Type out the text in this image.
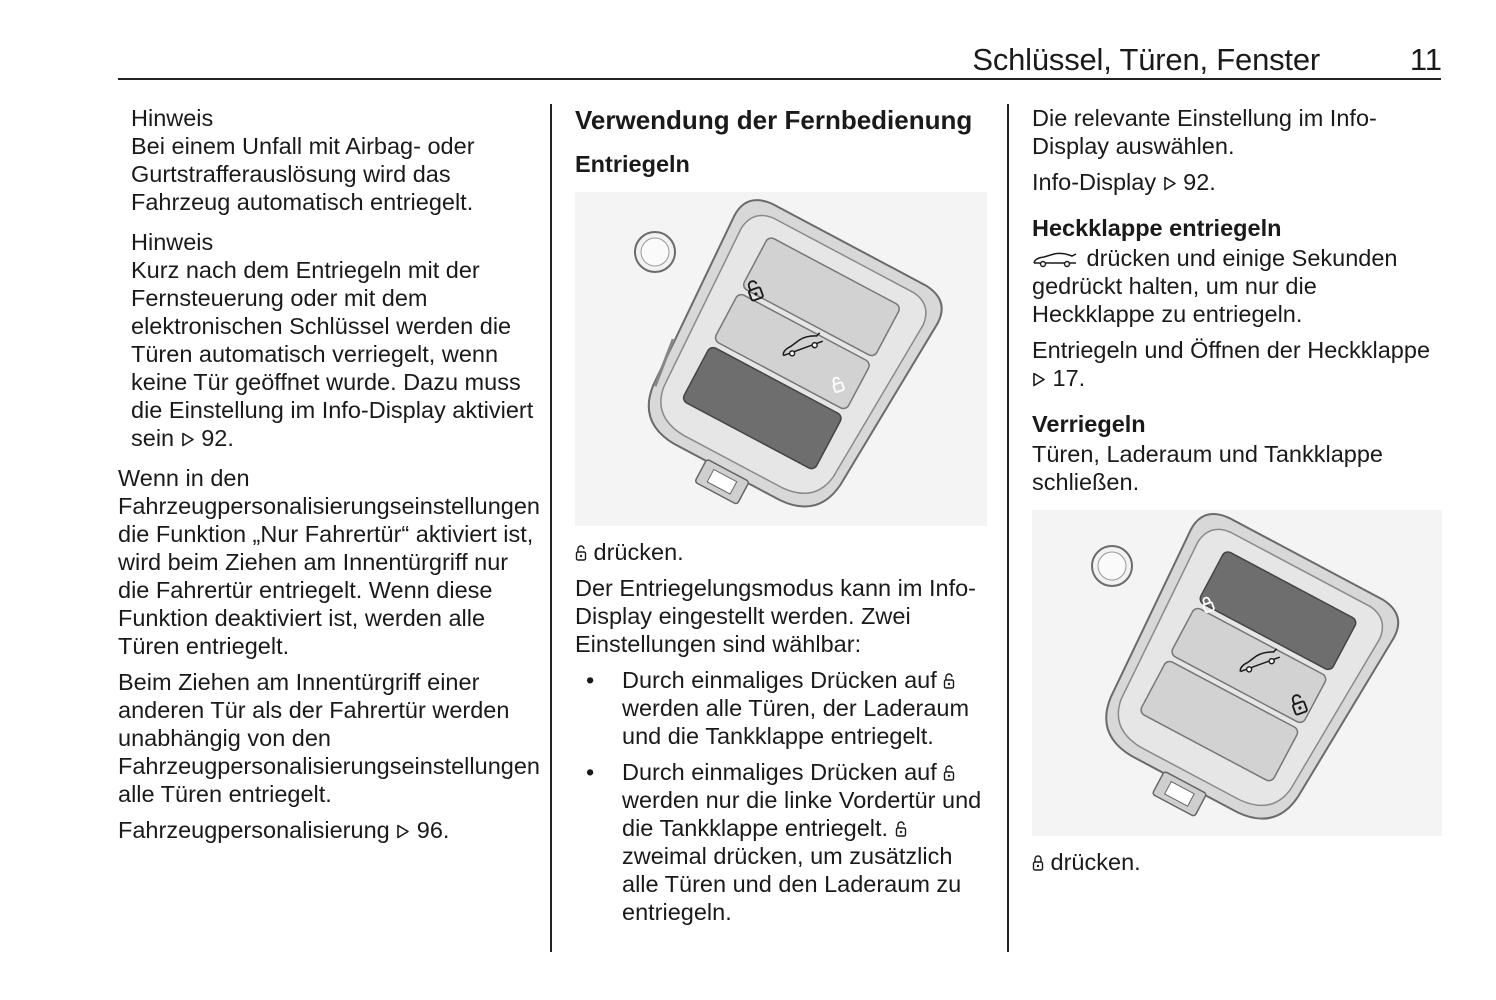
Schlüssel, Türen, Fenster	11
Hinweis
Bei einem Unfall mit Airbag- oder Gurtstrafferauslösung wird das Fahrzeug automatisch entriegelt.
Hinweis
Kurz nach dem Entriegeln mit der Fernsteuerung oder mit dem elektronischen Schlüssel werden die Türen automatisch verriegelt, wenn keine Tür geöffnet wurde. Dazu muss die Einstellung im Info-Display aktiviert sein 92.

Wenn in den Fahrzeugpersonalisierungseinstellungen die Funktion „Nur Fahrertür“ aktiviert ist, wird beim Ziehen am Innentürgriff nur die Fahrertür entriegelt. Wenn diese Funktion deaktiviert ist, werden alle Türen entriegelt.

Beim Ziehen am Innentürgriff einer anderen Tür als der Fahrertür werden unabhängig von den Fahrzeugpersonalisierungseinstellungen alle Türen entriegelt.

Fahrzeugpersonalisierung 96.

Verwendung der Fernbedienung
Entriegeln

drücken.

Der Entriegelungsmodus kann im Info-Display eingestellt werden. Zwei Einstellungen sind wählbar:

• Durch einmaliges Drücken auf  werden alle Türen, der Laderaum und die Tankklappe entriegelt.
• Durch einmaliges Drücken auf  werden nur die linke Vordertür und die Tankklappe entriegelt.  zweimal drücken, um zusätzlich alle Türen und den Laderaum zu entriegeln.

Die relevante Einstellung im Info-Display auswählen.

Info-Display 92.

Heckklappe entriegeln

drücken und einige Sekunden gedrückt halten, um nur die Heckklappe zu entriegeln.

Entriegeln und Öffnen der Heckklappe  17.

Verriegeln

Türen, Laderaum und Tankklappe schließen.

drücken.
